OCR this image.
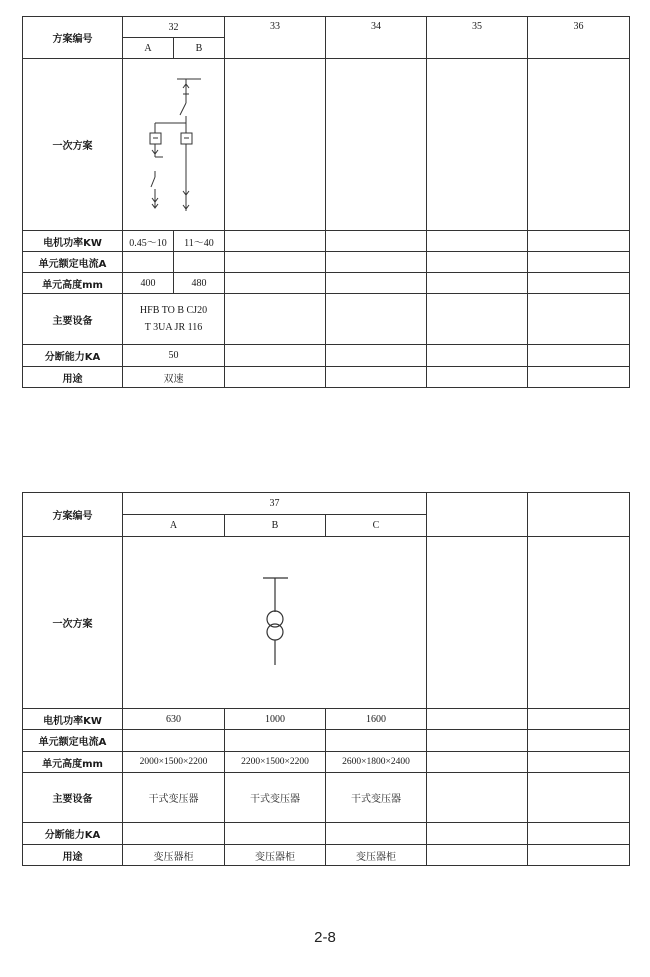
方案编号	32		33	34	35	36
	A	B				
一次方案	

电机功率KW	0.45～10	11～40				
单元额定电流A						
单元高度mm	400	480				
主要设备	HFB TO B CJ20
T 3UA JR 116					

分断能力KA	50					
用途	双速					
方案编号	37				
	A	B	C		
一次方案	

电机功率KW	630	1000	1600		
单元额定电流A					
单元高度mm	2000×1500×2200	2200×1500×2200	2600×1800×2400		
主要设备	干式变压器	干式变压器	干式变压器		
分断能力KA					
用途	变压器柜	变压器柜	变压器柜		
2-8
